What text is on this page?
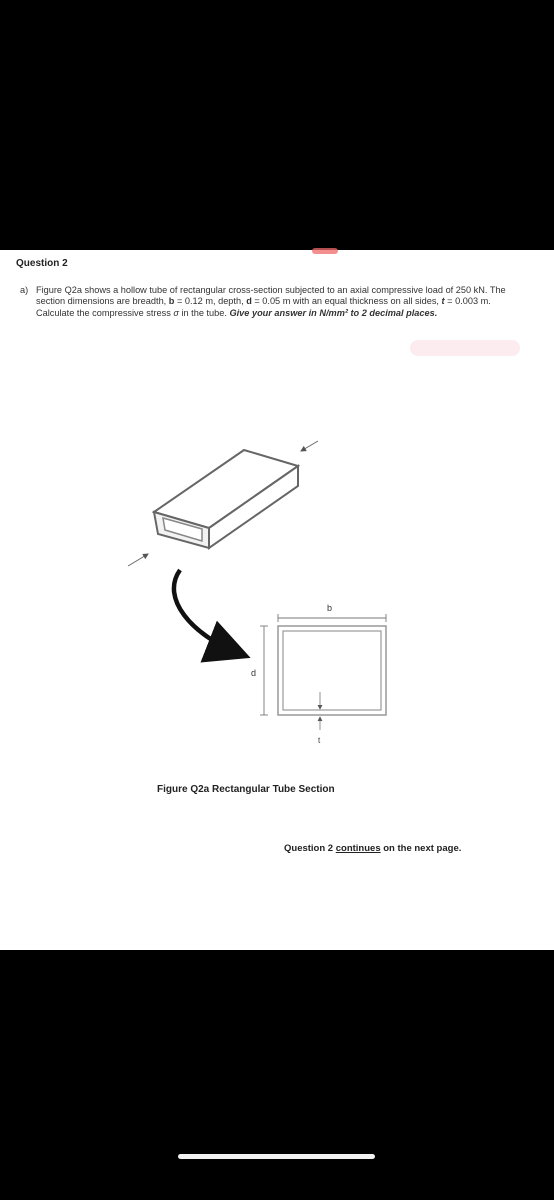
Question 2
a) Figure Q2a shows a hollow tube of rectangular cross-section subjected to an axial compressive load of 250 kN. The section dimensions are breadth, b = 0.12 m, depth, d = 0.05 m with an equal thickness on all sides, t = 0.003 m. Calculate the compressive stress σ in the tube. Give your answer in N/mm² to 2 decimal places.
b
d
t
Figure Q2a Rectangular Tube Section
Question 2 continues on the next page.
